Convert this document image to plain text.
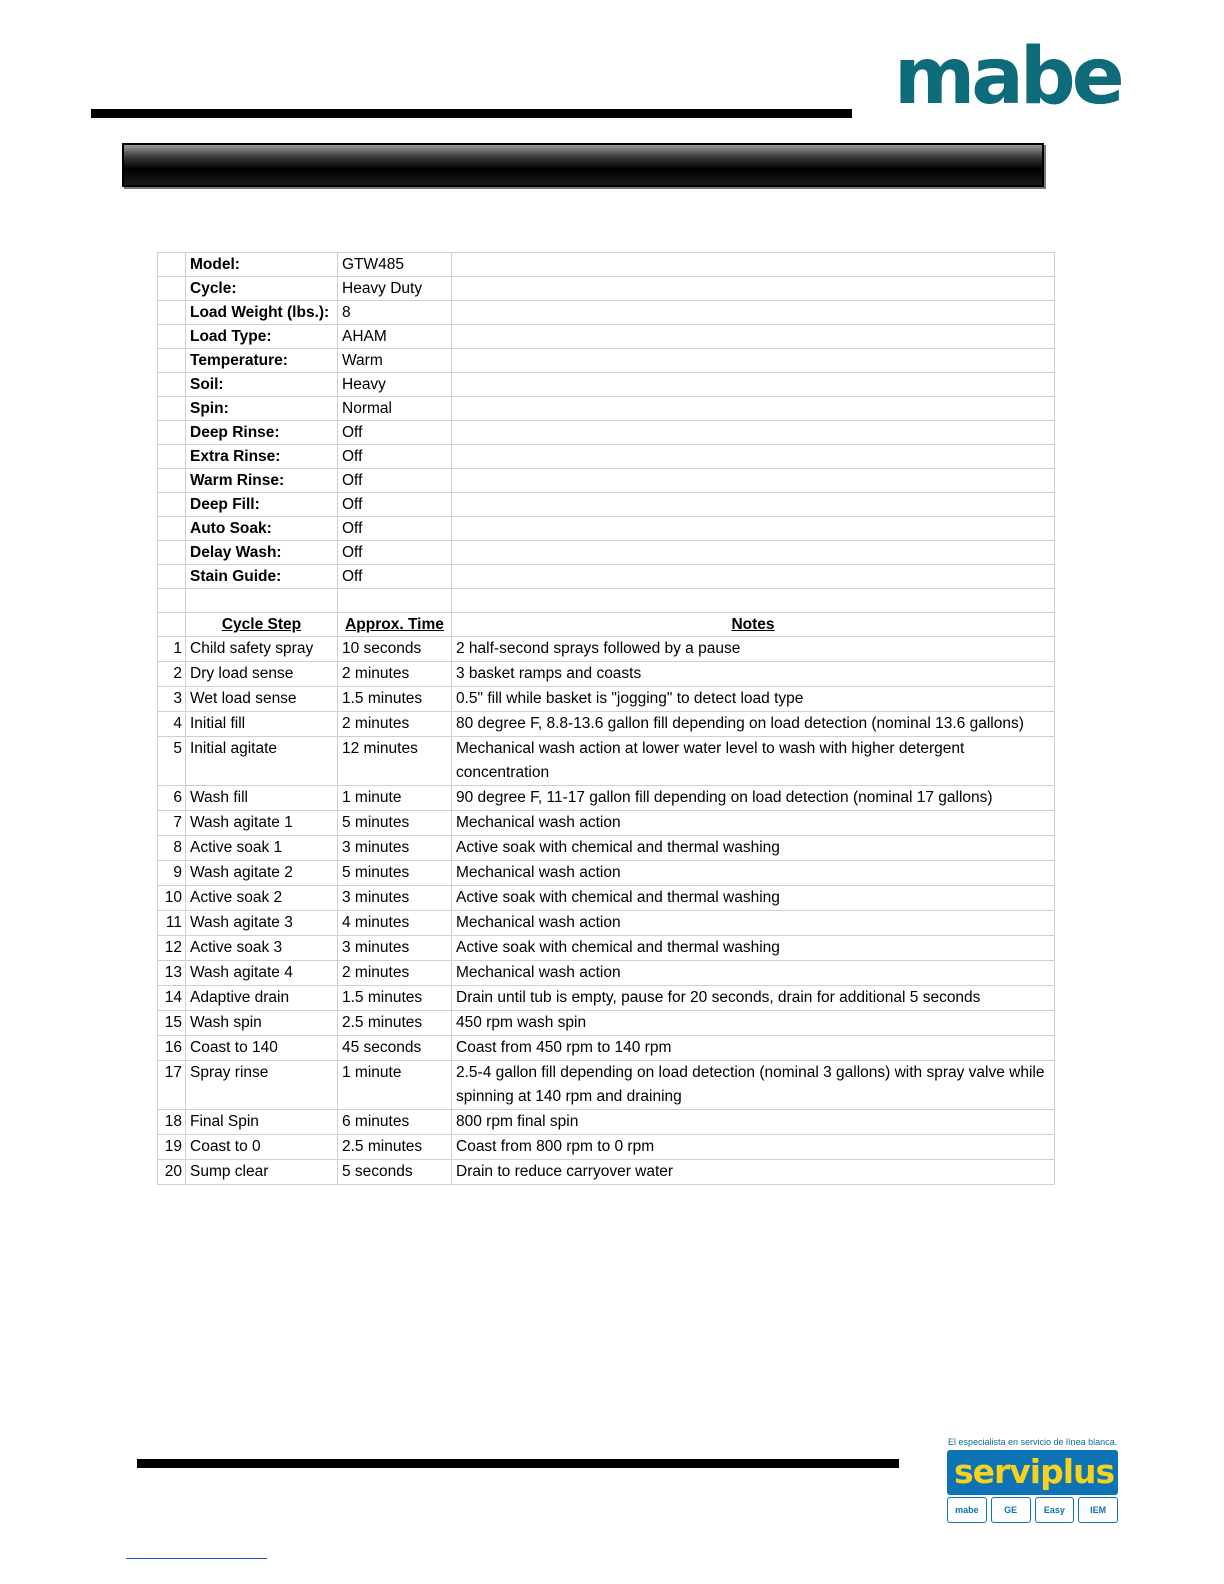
mabe
	Model:	GTW485	
	Cycle:	Heavy Duty	
	Load Weight (lbs.):	8	
	Load Type:	AHAM	
	Temperature:	Warm	
	Soil:	Heavy	
	Spin:	Normal	
	Deep Rinse:	Off	
	Extra Rinse:	Off	
	Warm Rinse:	Off	
	Deep Fill:	Off	
	Auto Soak:	Off	
	Delay Wash:	Off	
	Stain Guide:	Off	

	Cycle Step	Approx. Time	Notes
1	Child safety spray	10 seconds	2 half-second sprays followed by a pause
2	Dry load sense	2 minutes	3 basket ramps and coasts
3	Wet load sense	1.5 minutes	0.5" fill while basket is "jogging" to detect load type
4	Initial fill	2 minutes	80 degree F, 8.8-13.6 gallon fill depending on load detection (nominal 13.6 gallons)
5	Initial agitate	12 minutes	Mechanical wash action at lower water level to wash with higher detergent concentration
6	Wash fill	1 minute	90 degree F, 11-17 gallon fill depending on load detection (nominal 17 gallons)
7	Wash agitate 1	5 minutes	Mechanical wash action
8	Active soak 1	3 minutes	Active soak with chemical and thermal washing
9	Wash agitate 2	5 minutes	Mechanical wash action
10	Active soak 2	3 minutes	Active soak with chemical and thermal washing
11	Wash agitate 3	4 minutes	Mechanical wash action
12	Active soak 3	3 minutes	Active soak with chemical and thermal washing
13	Wash agitate 4	2 minutes	Mechanical wash action
14	Adaptive drain	1.5 minutes	Drain until tub is empty, pause for 20 seconds, drain for additional 5 seconds
15	Wash spin	2.5 minutes	450 rpm wash spin
16	Coast to 140	45 seconds	Coast from 450 rpm to 140 rpm
17	Spray rinse	1 minute	2.5-4 gallon fill depending on load detection (nominal 3 gallons) with spray valve while spinning at 140 rpm and draining
18	Final Spin	6 minutes	800 rpm final spin
19	Coast to 0	2.5 minutes	Coast from 800 rpm to 0 rpm
20	Sump clear	5 seconds	Drain to reduce carryover water
El especialista en servicio de línea blanca.
serviplus
mabe	GE	Easy	IEM
